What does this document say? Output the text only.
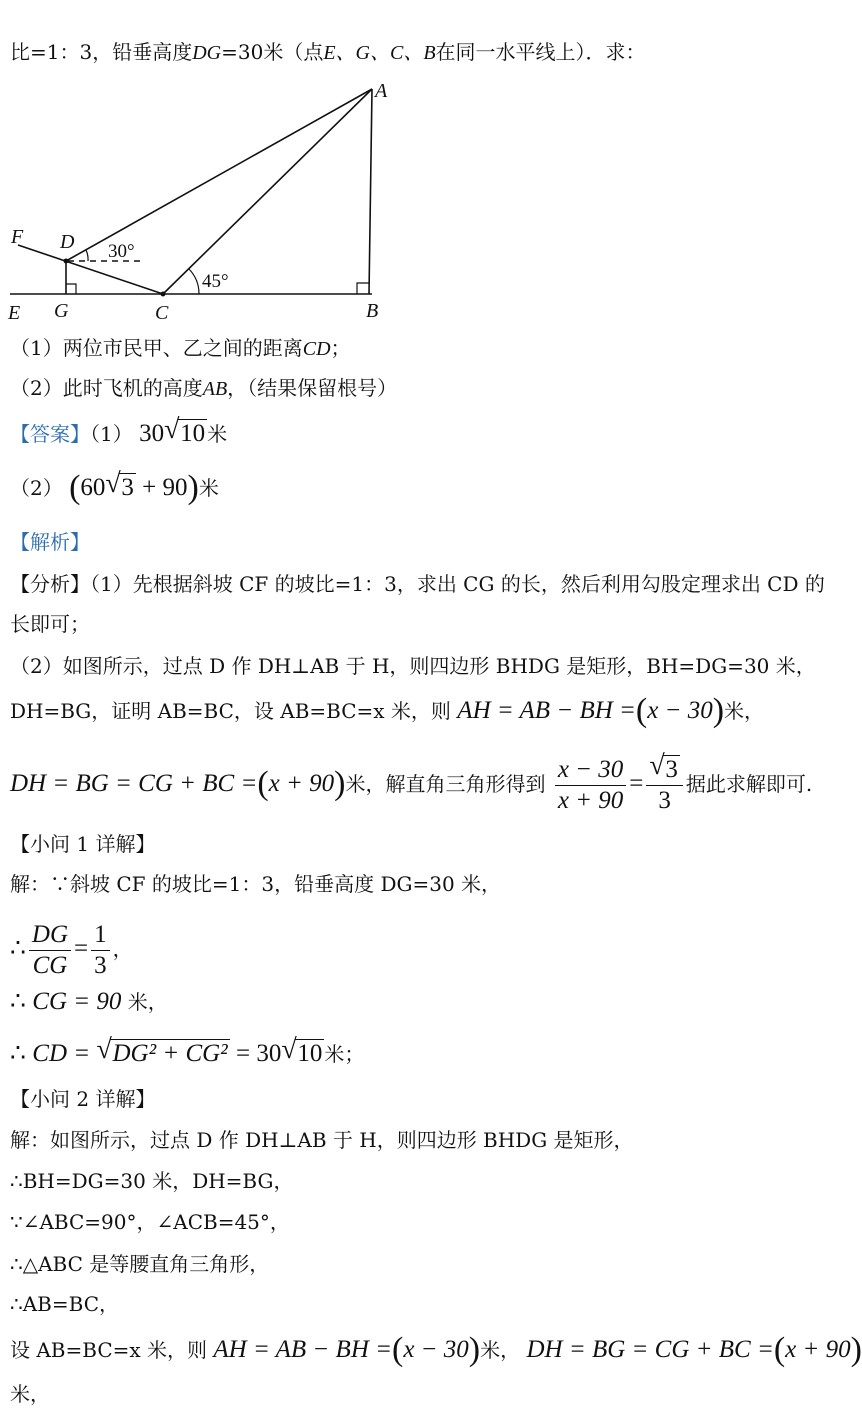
比=1：3，铅垂高度DG=30米（点E、G、C、B在同一水平线上）．求：
A
B
C
D
E
F
G
30°
45°
（1）两位市民甲、乙之间的距离CD；
（2）此时飞机的高度AB，（结果保留根号）
【答案】（1） 30 √ 10 米
（2） (60 √ 3 + 90)米
【解析】
【分析】（1）先根据斜坡 CF 的坡比=1：3，求出 CG 的长，然后利用勾股定理求出 CD 的
长即可；
（2）如图所示，过点 D 作 DH⊥AB 于 H，则四边形 BHDG 是矩形，BH=DG=30 米，
DH=BG，证明 AB=BC，设 AB=BC=x 米，则 AH = AB − BH =(x − 30)米，
DH = BG = CG + BC =(x + 90)米，解直角三角形得到 $\frac{x - 30}{x + 90} = \frac{√ 3}{3}$ 据此求解即可.
【小问 1 详解】
解：∵斜坡 CF 的坡比=1：3，铅垂高度 DG=30 米，
∴ $\frac{DG}{CG} = \frac{1}{3}$ ，
∴ CG = 90 米，
∴ CD = √ DG² + CG² = 30 √ 10 米；
【小问 2 详解】
解：如图所示，过点 D 作 DH⊥AB 于 H，则四边形 BHDG 是矩形，
∴BH=DG=30 米，DH=BG，
∵∠ABC=90°，∠ACB=45°，
∴△ABC 是等腰直角三角形，
∴AB=BC，
设 AB=BC=x 米，则 AH = AB − BH =(x − 30)米， DH = BG = CG + BC =(x + 90)
米，
